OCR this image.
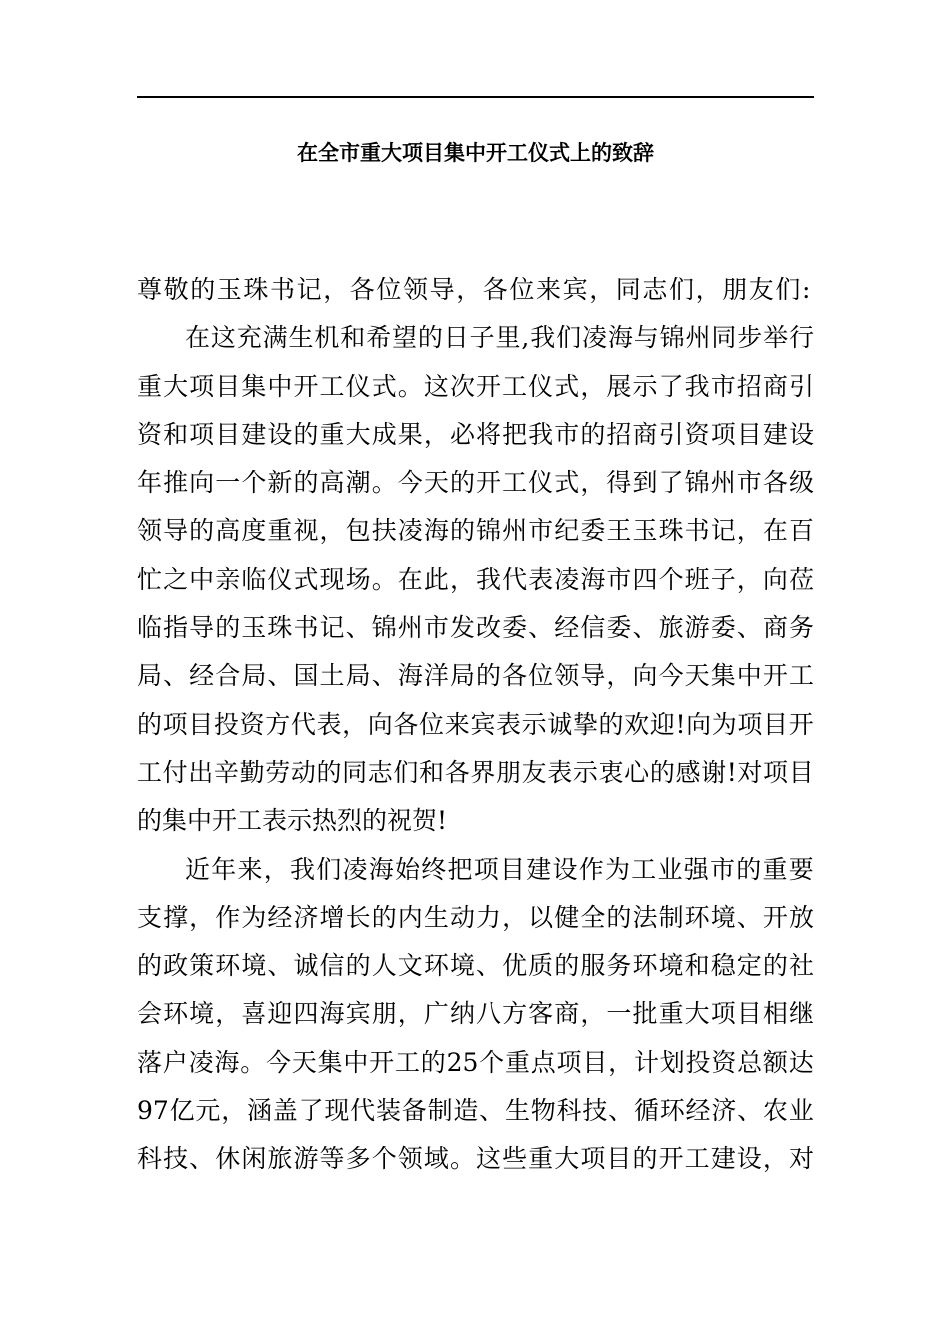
在全市重大项目集中开工仪式上的致辞
尊敬的玉珠书记，各位领导，各位来宾，同志们，朋友们:
在 这 充 满 生 机 和 希 望 的 日 子 里 , 我 们 凌 海 与 锦 州 同 步 举 行
重 大 项 目 集 中 开 工 仪 式 。 这 次 开 工 仪 式 ， 展 示 了 我 市 招 商 引
资 和 项 目 建 设 的 重 大 成 果 ， 必 将 把 我 市 的 招 商 引 资 项 目 建 设
年 推 向 一 个 新 的 高 潮 。 今 天 的 开 工 仪 式 ， 得 到 了 锦 州 市 各 级
领 导 的 高 度 重 视 ， 包 扶 凌 海 的 锦 州 市 纪 委 王 玉 珠 书 记 ， 在 百
忙 之 中 亲 临 仪 式 现 场 。 在 此 ， 我 代 表 凌 海 市 四 个 班 子 ， 向 莅
临 指 导 的 玉 珠 书 记 、 锦 州 市 发 改 委 、 经 信 委 、 旅 游 委 、 商 务
局 、 经 合 局 、 国 土 局 、 海 洋 局 的 各 位 领 导 ， 向 今 天 集 中 开 工
的 项 目 投 资 方 代 表 ， 向 各 位 来 宾 表 示 诚 挚 的 欢 迎 ! 向 为 项 目 开
工 付 出 辛 勤 劳 动 的 同 志 们 和 各 界 朋 友 表 示 衷 心 的 感 谢 ! 对 项 目
的集中开工表示热烈的祝贺!
近 年 来 ， 我 们 凌 海 始 终 把 项 目 建 设 作 为 工 业 强 市 的 重 要
支 撑 ， 作 为 经 济 增 长 的 内 生 动 力 ， 以 健 全 的 法 制 环 境 、 开 放
的 政 策 环 境 、 诚 信 的 人 文 环 境 、 优 质 的 服 务 环 境 和 稳 定 的 社
会 环 境 ， 喜 迎 四 海 宾 朋 ， 广 纳 八 方 客 商 ， 一 批 重 大 项 目 相 继
落 户 凌 海 。 今 天 集 中 开 工 的 25 个 重 点 项 目 ， 计 划 投 资 总 额 达
97 亿 元 ， 涵 盖 了 现 代 装 备 制 造 、 生 物 科 技 、 循 环 经 济 、 农 业
科 技 、 休 闲 旅 游 等 多 个 领 域 。 这 些 重 大 项 目 的 开 工 建 设 ， 对
